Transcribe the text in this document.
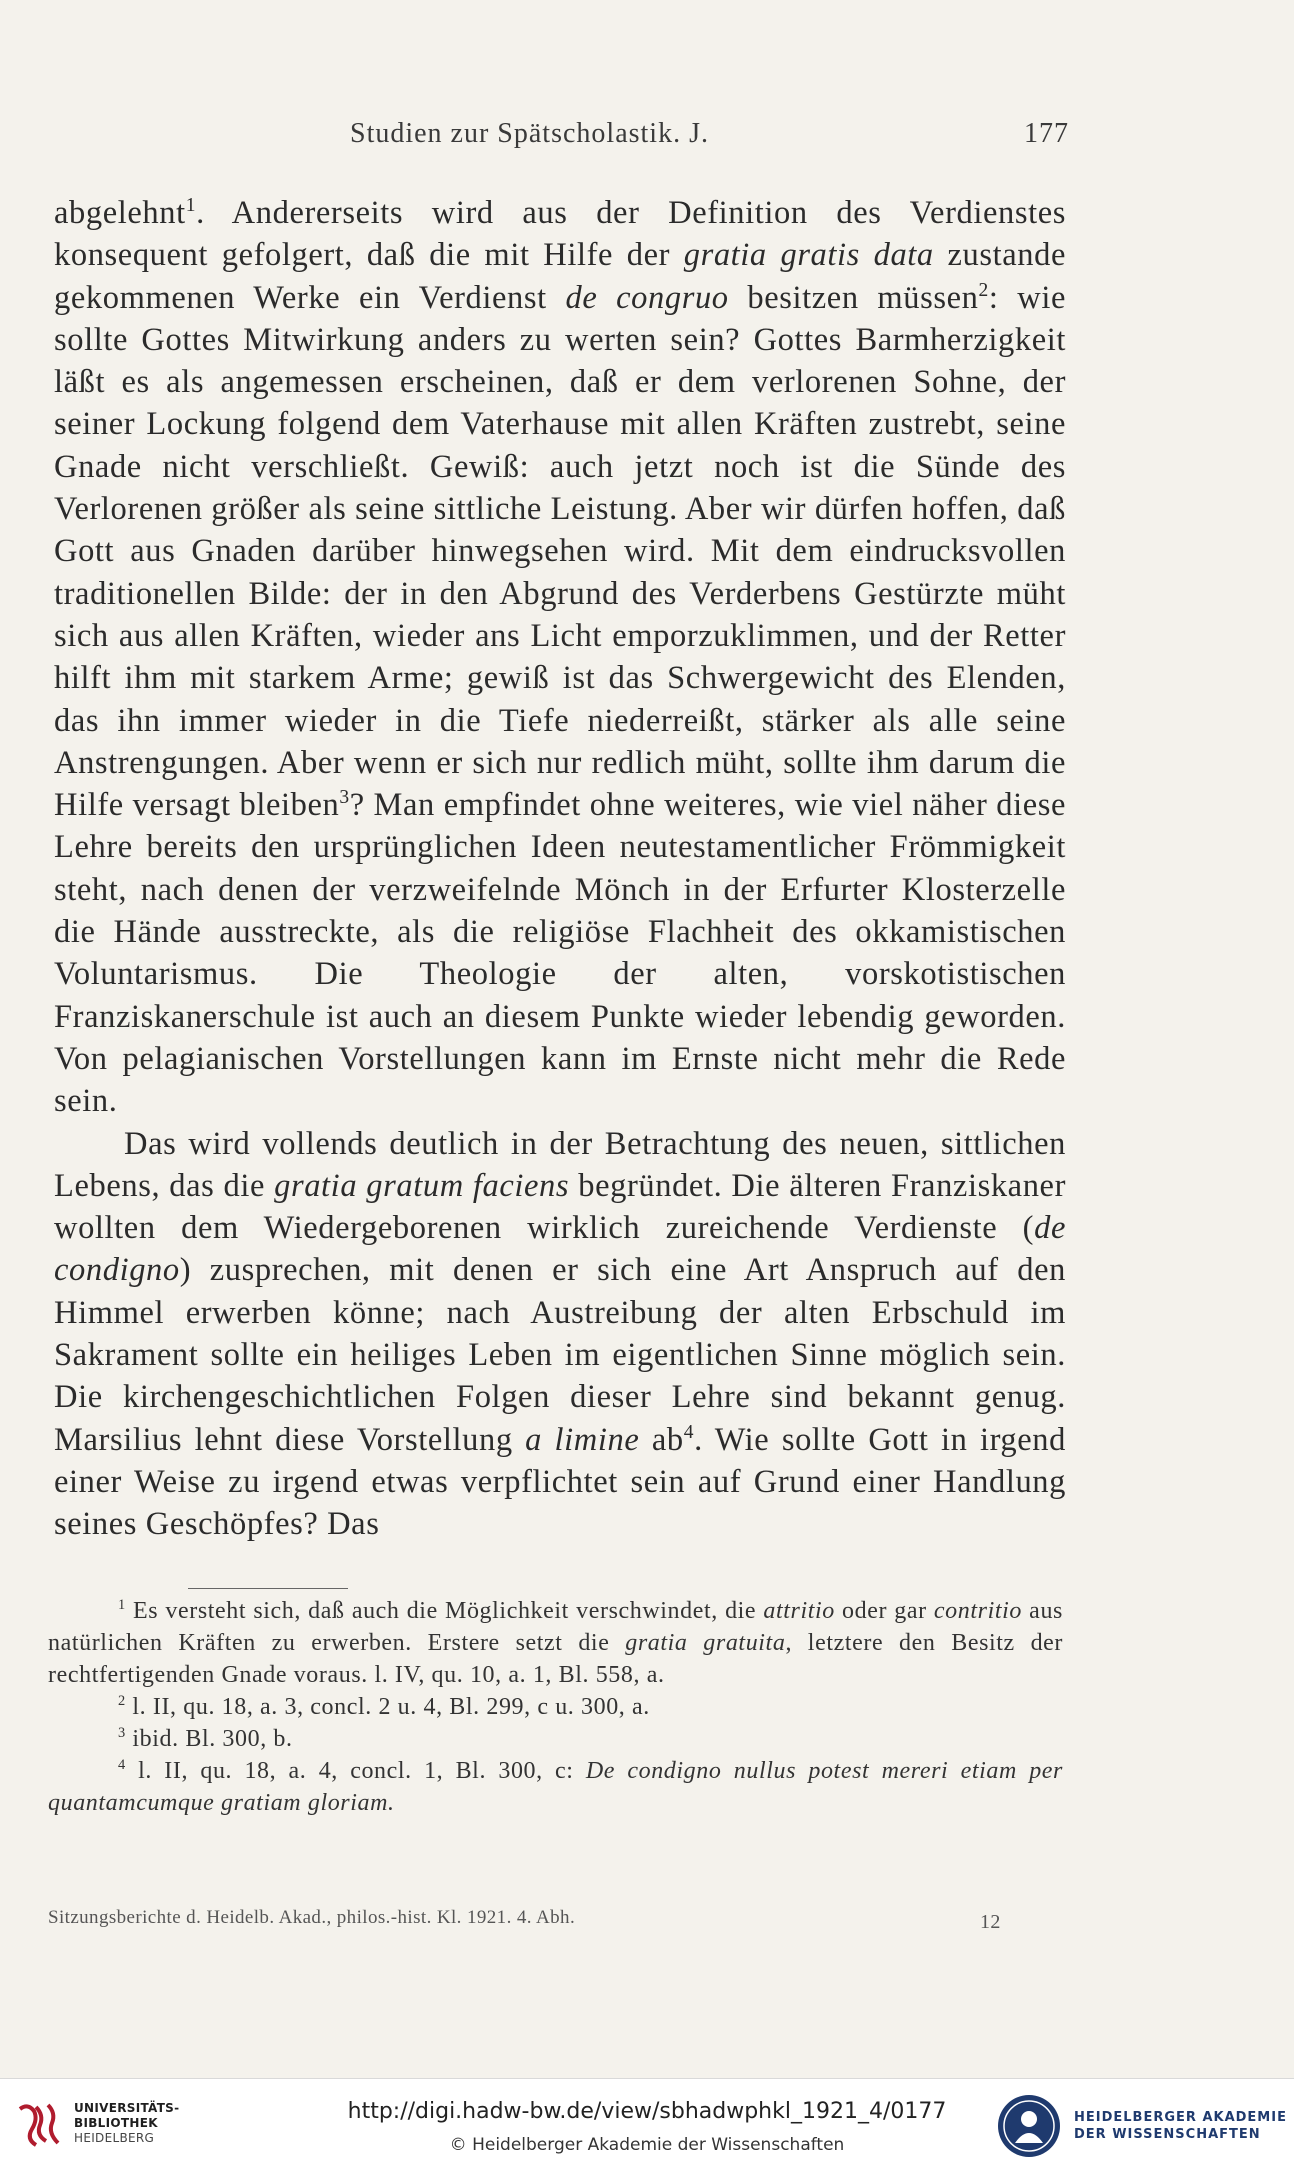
Studien zur Spätscholastik. J.	177

abgelehnt$^1$. Andererseits wird aus der Definition des Verdienstes konsequent gefolgert, daß die mit Hilfe der gratia gratis data zustande gekommenen Werke ein Verdienst de congruo besitzen müssen$^2$: wie sollte Gottes Mitwirkung anders zu werten sein? Gottes Barmherzigkeit läßt es als angemessen erscheinen, daß er dem verlorenen Sohne, der seiner Lockung folgend dem Vaterhause mit allen Kräften zustrebt, seine Gnade nicht verschließt. Gewiß: auch jetzt noch ist die Sünde des Verlorenen größer als seine sittliche Leistung. Aber wir dürfen hoffen, daß Gott aus Gnaden darüber hinwegsehen wird. Mit dem eindrucksvollen traditionellen Bilde: der in den Abgrund des Verderbens Gestürzte müht sich aus allen Kräften, wieder ans Licht emporzuklimmen, und der Retter hilft ihm mit starkem Arme; gewiß ist das Schwergewicht des Elenden, das ihn immer wieder in die Tiefe niederreißt, stärker als alle seine Anstrengungen. Aber wenn er sich nur redlich müht, sollte ihm darum die Hilfe versagt bleiben$^3$? Man empfindet ohne weiteres, wie viel näher diese Lehre bereits den ursprünglichen Ideen neutestamentlicher Frömmigkeit steht, nach denen der verzweifelnde Mönch in der Erfurter Klosterzelle die Hände ausstreckte, als die religiöse Flachheit des okkamistischen Voluntarismus. Die Theologie der alten, vorskotistischen Franziskanerschule ist auch an diesem Punkte wieder lebendig geworden. Von pelagianischen Vorstellungen kann im Ernste nicht mehr die Rede sein.

Das wird vollends deutlich in der Betrachtung des neuen, sittlichen Lebens, das die gratia gratum faciens begründet. Die älteren Franziskaner wollten dem Wiedergeborenen wirklich zureichende Verdienste (de condigno) zusprechen, mit denen er sich eine Art Anspruch auf den Himmel erwerben könne; nach Austreibung der alten Erbschuld im Sakrament sollte ein heiliges Leben im eigentlichen Sinne möglich sein. Die kirchengeschichtlichen Folgen dieser Lehre sind bekannt genug. Marsilius lehnt diese Vorstellung a limine $ab^4$. Wie sollte Gott in irgend einer Weise zu irgend etwas verpflichtet sein auf Grund einer Handlung seines Geschöpfes? Das

$^1$ Es versteht sich, daß auch die Möglichkeit verschwindet, die attritio oder gar contritio aus natürlichen Kräften zu erwerben. Erstere setzt die gratia gratuita, letztere den Besitz der rechtfertigenden Gnade voraus. l. IV, qu. 10, a. 1, Bl. 558, a.

$^2$ l. II, qu. 18, a. 3, concl. 2 u. 4, Bl. 299, c u. 300, a.

$^3$ ibid. Bl. 300, b.

$^4$ l. II, qu. 18, a. 4, concl. 1, Bl. 300, c: De condigno nullus potest mereri etiam per quantamcumque gratiam gloriam.

Sitzungsberichte d. Heidelb. Akad., philos.-hist. Kl. 1921. 4. Abh.	12
UNIVERSITÄTS-
BIBLIOTHEK
HEIDELBERG
http://digi.hadw-bw.de/view/sbhadwphkl_1921_4/0177
© Heidelberger Akademie der Wissenschaften
HEIDELBERGER AKADEMIE
DER WISSENSCHAFTEN
